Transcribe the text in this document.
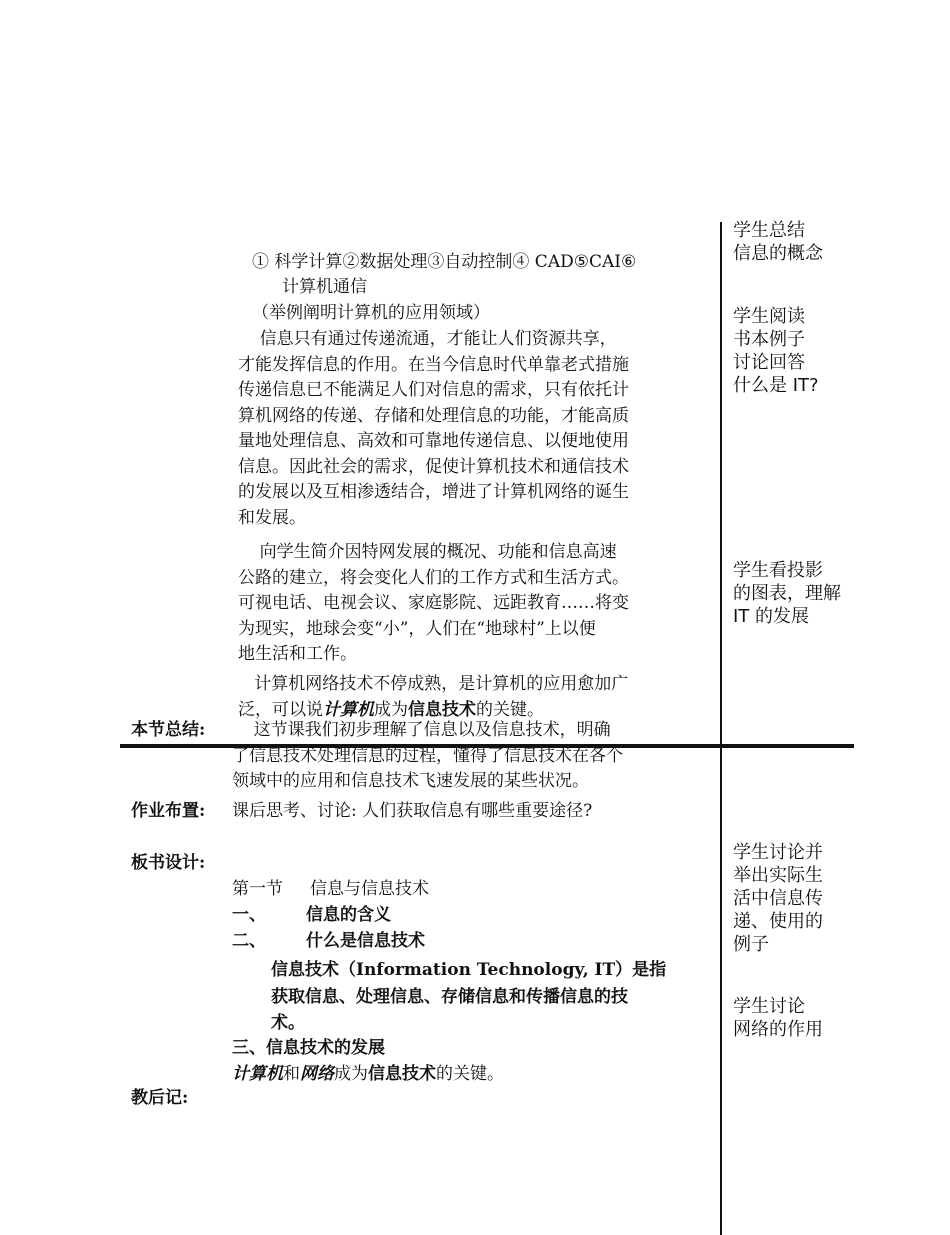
学生总结
信息的概念
学生阅读
书本例子
讨论回答
什么是 IT?
学生看投影
的图表，理解
IT 的发展
学生讨论并
举出实际生
活中信息传
递、使用的
例子
学生讨论
网络的作用
① 科学计算②数据处理③自动控制④ CAD⑤CAI⑥
计算机通信
（举例阐明计算机的应用领域）
信息只有通过传递流通，才能让人们资源共享，
才能发挥信息的作用。在当今信息时代单靠老式措施
传递信息已不能满足人们对信息的需求，只有依托计
算机网络的传递、存储和处理信息的功能，才能高质
量地处理信息、高效和可靠地传递信息、以便地使用
信息。因此社会的需求，促使计算机技术和通信技术
的发展以及互相渗透结合，增进了计算机网络的诞生
和发展。
向学生简介因特网发展的概况、功能和信息高速
公路的建立，将会变化人们的工作方式和生活方式。
可视电话、电视会议、家庭影院、远距教育……将变
为现实，地球会变“小”，人们在“地球村”上以便
地生活和工作。
计算机网络技术不停成熟，是计算机的应用愈加广
泛，可以说计算机成为信息技术的关键。
本节总结: 这节课我们初步理解了信息以及信息技术，明确
了信息技术处理信息的过程，懂得了信息技术在各个
领域中的应用和信息技术飞速发展的某些状况。
作业布置: 课后思考、讨论: 人们获取信息有哪些重要途径?
板书设计:
第一节     信息与信息技术
一、 信息的含义
二、 什么是信息技术
信息技术（Information Technology, IT）是指
获取信息、处理信息、存储信息和传播信息的技
术。
三、信息技术的发展
计算机和网络成为信息技术的关键。
教后记:
